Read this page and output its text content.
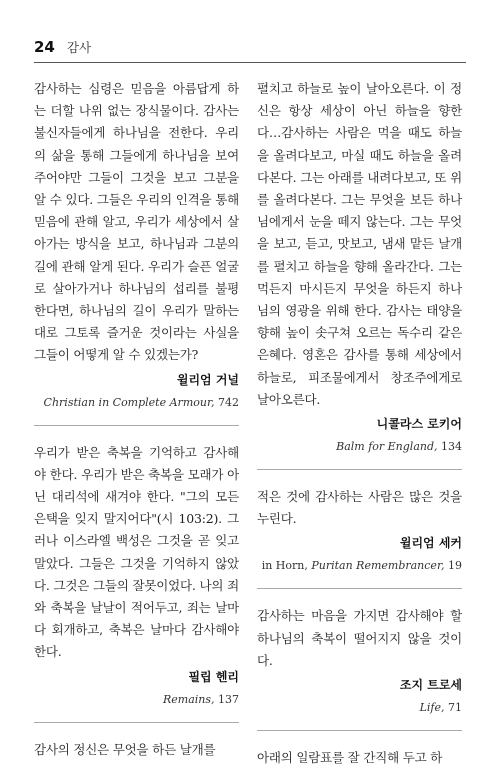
24 감사

감사하는 심령은 믿음을 아름답게 하는 더할 나위 없는 장식물이다. 감사는 불신자들에게 하나님을 전한다. 우리의 삶을 통해 그들에게 하나님을 보여주어야만 그들이 그것을 보고 그분을 알 수 있다. 그들은 우리의 인격을 통해 믿음에 관해 알고, 우리가 세상에서 살아가는 방식을 보고, 하나님과 그분의 길에 관해 알게 된다. 우리가 슬픈 얼굴로 살아가거나 하나님의 섭리를 불평한다면, 하나님의 길이 우리가 말하는 대로 그토록 즐거운 것이라는 사실을 그들이 어떻게 알 수 있겠는가?

윌리엄 거널
Christian in Complete Armour, 742

우리가 받은 축복을 기억하고 감사해야 한다. 우리가 받은 축복을 모래가 아닌 대리석에 새겨야 한다. "그의 모든 은택을 잊지 말지어다"(시 103:2). 그러나 이스라엘 백성은 그것을 곧 잊고 말았다. 그들은 그것을 기억하지 않았다. 그것은 그들의 잘못이었다. 나의 죄와 축복을 날날이 적어두고, 죄는 날마다 회개하고, 축복은 날마다 감사해야 한다.

필립 헨리
Remains, 137

감사의 정신은 무엇을 하든 날개를

펼치고 하늘로 높이 날아오른다. 이 정신은 항상 세상이 아닌 하늘을 향한다…감사하는 사람은 먹을 때도 하늘을 올려다보고, 마실 때도 하늘을 올려다본다. 그는 아래를 내려다보고, 또 위를 올려다본다. 그는 무엇을 보든 하나님에게서 눈을 떼지 않는다. 그는 무엇을 보고, 듣고, 맛보고, 냄새 맡든 날개를 펼치고 하늘을 향해 올라간다. 그는 먹든지 마시든지 무엇을 하든지 하나님의 영광을 위해 한다. 감사는 태양을 향해 높이 솟구쳐 오르는 독수리 같은 은혜다. 영혼은 감사를 통해 세상에서 하늘로, 피조물에게서 창조주에게로 날아오른다.

니콜라스 로키어
Balm for England, 134

적은 것에 감사하는 사람은 많은 것을 누린다.

윌리엄 세커
in Horn, Puritan Remembrancer, 19

감사하는 마음을 가지면 감사해야 할 하나님의 축복이 떨어지지 않을 것이다.

조지 트로세
Life, 71

아래의 일람표를 잘 간직해 두고 하
